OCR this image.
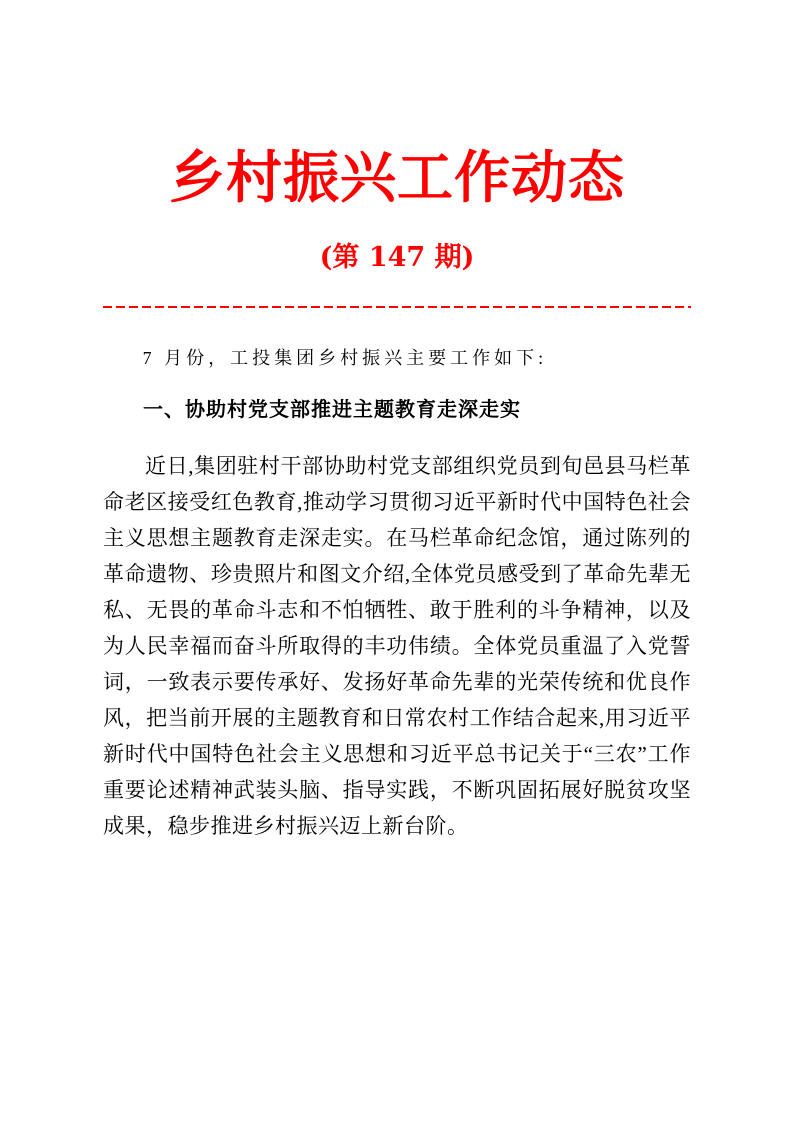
乡村振兴工作动态
(第 147 期)

7 月份，工投集团乡村振兴主要工作如下:

一、协助村党支部推进主题教育走深走实

近日,集团驻村干部协助村党支部组织党员到旬邑县马栏革命老区接受红色教育,推动学习贯彻习近平新时代中国特色社会主义思想主题教育走深走实。在马栏革命纪念馆，通过陈列的革命遗物、珍贵照片和图文介绍,全体党员感受到了革命先辈无私、无畏的革命斗志和不怕牺牲、敢于胜利的斗争精神，以及为人民幸福而奋斗所取得的丰功伟绩。全体党员重温了入党誓词，一致表示要传承好、发扬好革命先辈的光荣传统和优良作风，把当前开展的主题教育和日常农村工作结合起来,用习近平新时代中国特色社会主义思想和习近平总书记关于“三农”工作重要论述精神武装头脑、指导实践，不断巩固拓展好脱贫攻坚成果，稳步推进乡村振兴迈上新台阶。
